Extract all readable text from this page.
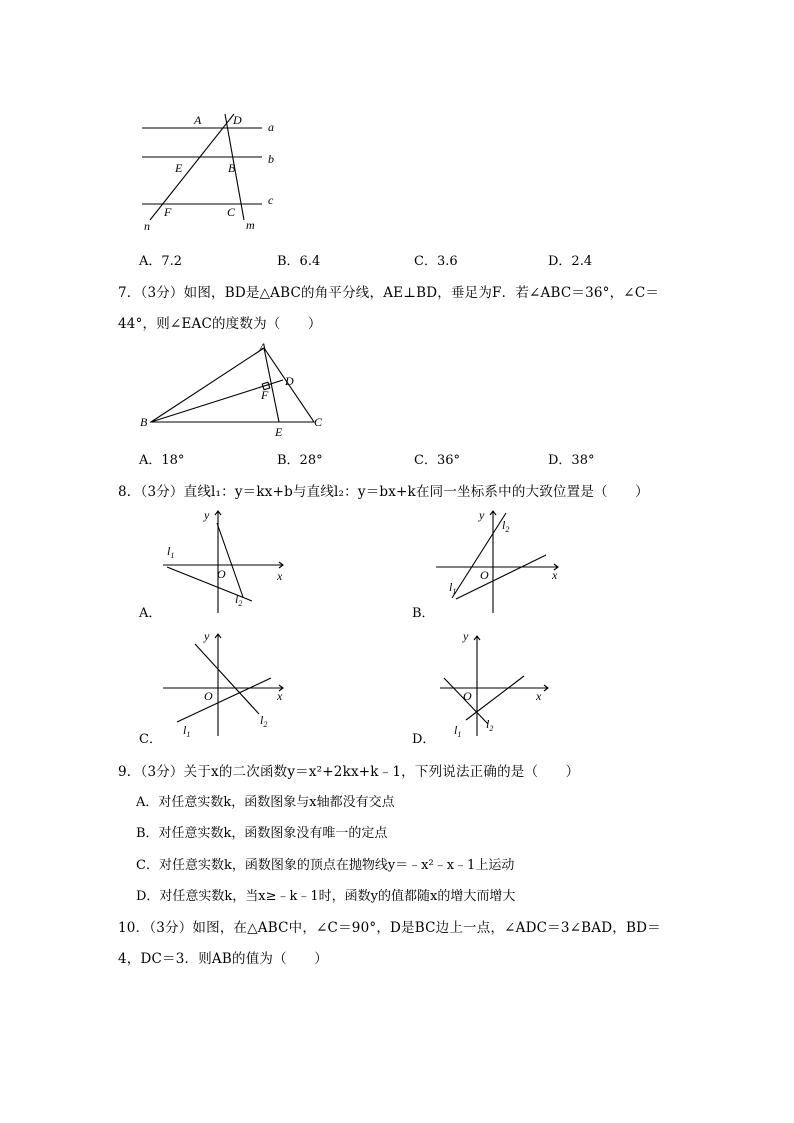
A	D a
b
c
E	B
F	C
n	m
A．7.2	B．6.4	C．3.6	D．2.4
7．（3分）如图，BD是△ABC的角平分线，AE⊥BD，垂足为F．若∠ABC＝36°，∠C＝
44°，则∠EAC的度数为（　　）
A
D
F
B
E
C
A．18°	B．28°	C．36°	D．38°
8．（3分）直线l₁：y＝kx+b与直线l₂：y＝bx+k在同一坐标系中的大致位置是（　　）
y
x
O
$l_1$
$l_2$
A．
y
x
O
$l_2$
$l_1$
B．
y
x
O
$l_1$
$l_2$
C．
y
x
O
$l_1$
$l_2$
D．
9．（3分）关于x的二次函数y＝x²+2kx+k﹣1，下列说法正确的是（　　）
A．对任意实数k，函数图象与x轴都没有交点
B．对任意实数k，函数图象没有唯一的定点
C．对任意实数k，函数图象的顶点在抛物线y＝﹣x²﹣x﹣1上运动
D．对任意实数k，当x≥﹣k﹣1时，函数y的值都随x的增大而增大
10．（3分）如图，在△ABC中，∠C＝90°，D是BC边上一点，∠ADC＝3∠BAD，BD＝
4，DC＝3．则AB的值为（　　）
